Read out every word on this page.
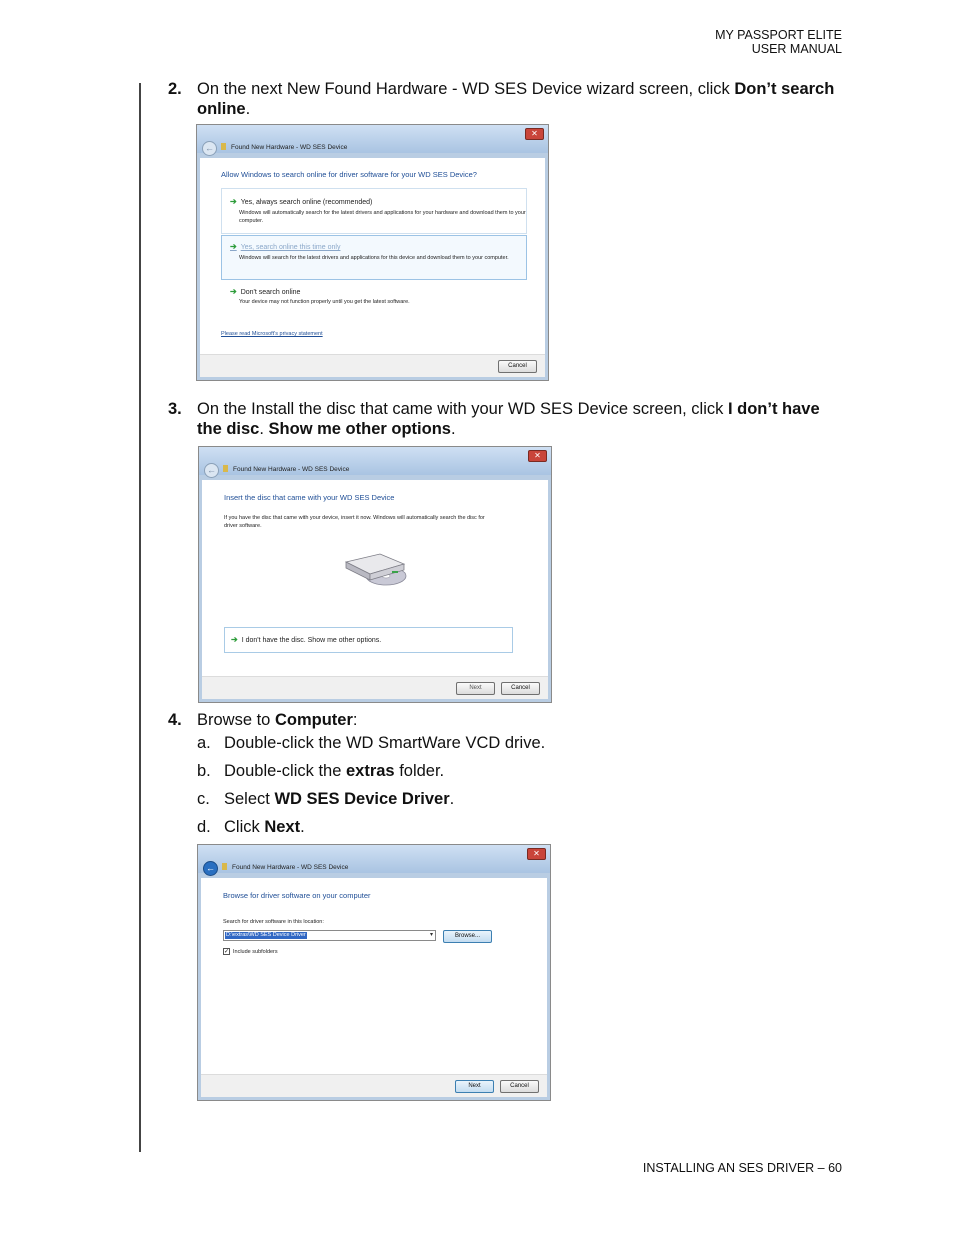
MY PASSPORT ELITE
USER MANUAL
2. On the next New Found Hardware - WD SES Device wizard screen, click Don’t search online.
✕
←	Found New Hardware - WD SES Device
Allow Windows to search online for driver software for your WD SES Device?
➔ Yes, always search online (recommended)
Windows will automatically search for the latest drivers and applications for your hardware and download them to your computer.
➔ Yes, search online this time only
Windows will search for the latest drivers and applications for this device and download them to your computer.
➔ Don't search online
Your device may not function properly until you get the latest software.
Please read Microsoft's privacy statement
Cancel
3. On the Install the disc that came with your WD SES Device screen, click I don’t have the disc. Show me other options.
✕
←	Found New Hardware - WD SES Device
Insert the disc that came with your WD SES Device
If you have the disc that came with your device, insert it now. Windows will automatically search the disc for driver software.
➔ I don't have the disc. Show me other options.
Next	Cancel
4. Browse to Computer:
a. Double-click the WD SmartWare VCD drive.
b. Double-click the extras folder.
c. Select WD SES Device Driver.
d. Click Next.
✕
←	Found New Hardware - WD SES Device
Browse for driver software on your computer
Search for driver software in this location:
D:\extras\WD SES Device Driver	▾	Browse...
✓ Include subfolders
Next	Cancel
INSTALLING AN SES DRIVER – 60
